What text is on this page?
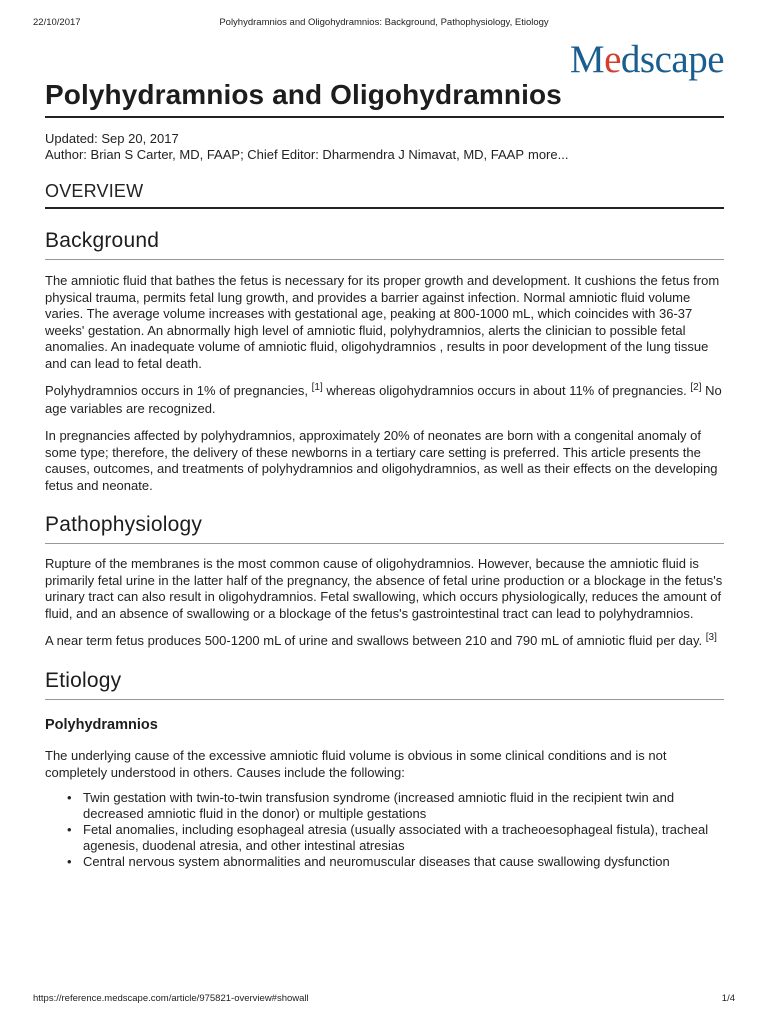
22/10/2017	Polyhydramnios and Oligohydramnios: Background, Pathophysiology, Etiology
Medscape
Polyhydramnios and Oligohydramnios
Updated: Sep 20, 2017
Author: Brian S Carter, MD, FAAP; Chief Editor: Dharmendra J Nimavat, MD, FAAP more...
OVERVIEW
Background

The amniotic fluid that bathes the fetus is necessary for its proper growth and development. It cushions the fetus from physical trauma, permits fetal lung growth, and provides a barrier against infection. Normal amniotic fluid volume varies. The average volume increases with gestational age, peaking at 800-1000 mL, which coincides with 36-37 weeks' gestation. An abnormally high level of amniotic fluid, polyhydramnios, alerts the clinician to possible fetal anomalies. An inadequate volume of amniotic fluid, oligohydramnios , results in poor development of the lung tissue and can lead to fetal death.

Polyhydramnios occurs in 1% of pregnancies, [1] whereas oligohydramnios occurs in about 11% of pregnancies. [2] No age variables are recognized.

In pregnancies affected by polyhydramnios, approximately 20% of neonates are born with a congenital anomaly of some type; therefore, the delivery of these newborns in a tertiary care setting is preferred. This article presents the causes, outcomes, and treatments of polyhydramnios and oligohydramnios, as well as their effects on the developing fetus and neonate.

Pathophysiology

Rupture of the membranes is the most common cause of oligohydramnios. However, because the amniotic fluid is primarily fetal urine in the latter half of the pregnancy, the absence of fetal urine production or a blockage in the fetus's urinary tract can also result in oligohydramnios. Fetal swallowing, which occurs physiologically, reduces the amount of fluid, and an absence of swallowing or a blockage of the fetus's gastrointestinal tract can lead to polyhydramnios.

A near term fetus produces 500-1200 mL of urine and swallows between 210 and 790 mL of amniotic fluid per day. [3]

Etiology
Polyhydramnios

The underlying cause of the excessive amniotic fluid volume is obvious in some clinical conditions and is not completely understood in others. Causes include the following:

• Twin gestation with twin-to-twin transfusion syndrome (increased amniotic fluid in the recipient twin and decreased amniotic fluid in the donor) or multiple gestations
• Fetal anomalies, including esophageal atresia (usually associated with a tracheoesophageal fistula), tracheal agenesis, duodenal atresia, and other intestinal atresias
• Central nervous system abnormalities and neuromuscular diseases that cause swallowing dysfunction
https://reference.medscape.com/article/975821-overview#showall	1/4
